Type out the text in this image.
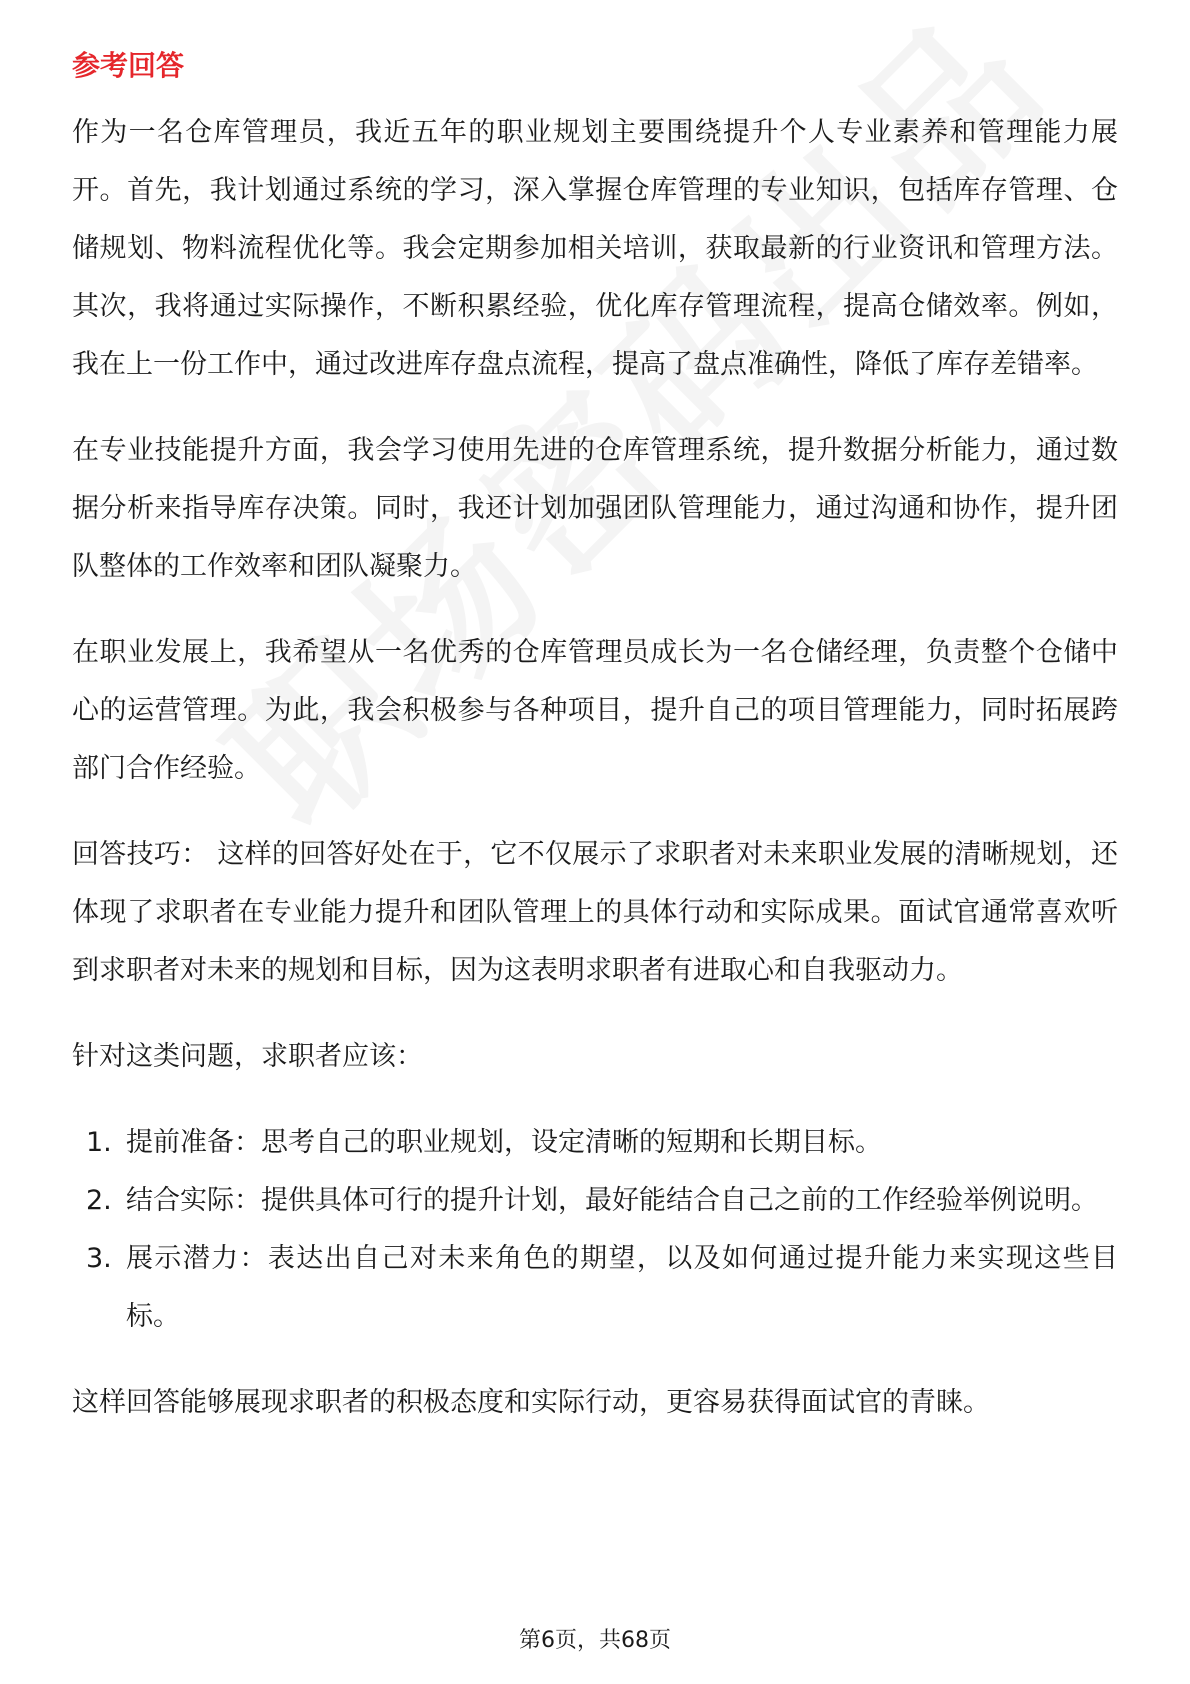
参考回答

作为一名仓库管理员，我近五年的职业规划主要围绕提升个人专业素养和管理能力展开。首先，我计划通过系统的学习，深入掌握仓库管理的专业知识，包括库存管理、仓储规划、物料流程优化等。我会定期参加相关培训，获取最新的行业资讯和管理方法。其次，我将通过实际操作，不断积累经验，优化库存管理流程，提高仓储效率。例如，我在上一份工作中，通过改进库存盘点流程，提高了盘点准确性，降低了库存差错率。

在专业技能提升方面，我会学习使用先进的仓库管理系统，提升数据分析能力，通过数据分析来指导库存决策。同时，我还计划加强团队管理能力，通过沟通和协作，提升团队整体的工作效率和团队凝聚力。

在职业发展上，我希望从一名优秀的仓库管理员成长为一名仓储经理，负责整个仓储中心的运营管理。为此，我会积极参与各种项目，提升自己的项目管理能力，同时拓展跨部门合作经验。

回答技巧： 这样的回答好处在于，它不仅展示了求职者对未来职业发展的清晰规划，还体现了求职者在专业能力提升和团队管理上的具体行动和实际成果。面试官通常喜欢听到求职者对未来的规划和目标，因为这表明求职者有进取心和自我驱动力。

针对这类问题，求职者应该：

1. 提前准备：思考自己的职业规划，设定清晰的短期和长期目标。
2. 结合实际：提供具体可行的提升计划，最好能结合自己之前的工作经验举例说明。
3. 展示潜力：表达出自己对未来角色的期望，以及如何通过提升能力来实现这些目标。

这样回答能够展现求职者的积极态度和实际行动，更容易获得面试官的青睐。

第6页，共68页
